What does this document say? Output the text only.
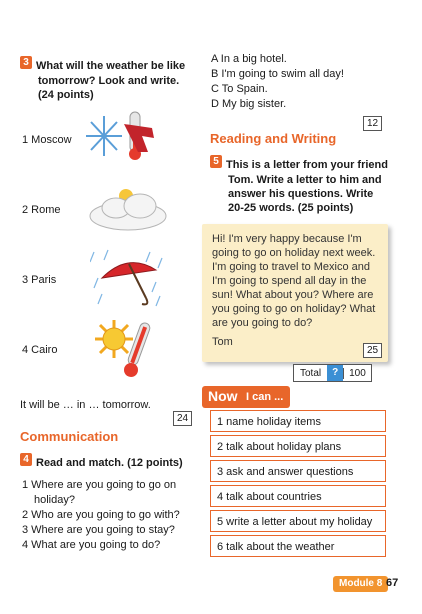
3 What will the weather be like
tomorrow? Look and write.
(24 points)
1 Moscow
2 Rome
3 Paris
4 Cairo
It will be … in … tomorrow.
24
Communication
4 Read and match. (12 points)
1 Where are you going to go on
holiday?
2 Who are you going to go with?
3 Where are you going to stay?
4 What are you going to do?
A In a big hotel.
B I'm going to swim all day!
C To Spain.
D My big sister.
12
Reading and Writing
5 This is a letter from your friend
Tom. Write a letter to him and
answer his questions. Write
20-25 words. (25 points)
Hi! I'm very happy because I'm
going to go on holiday next week.
I'm going to travel to Mexico and
I'm going to spend all day in the
sun! What about you? Where are
you going to go on holiday? What
are you going to do?
Tom
25
Total	?	100
Now I can ...
1 name holiday items
2 talk about holiday plans
3 ask and answer questions
4 talk about countries
5 write a letter about my holiday
6 talk about the weather
Module 8 67
